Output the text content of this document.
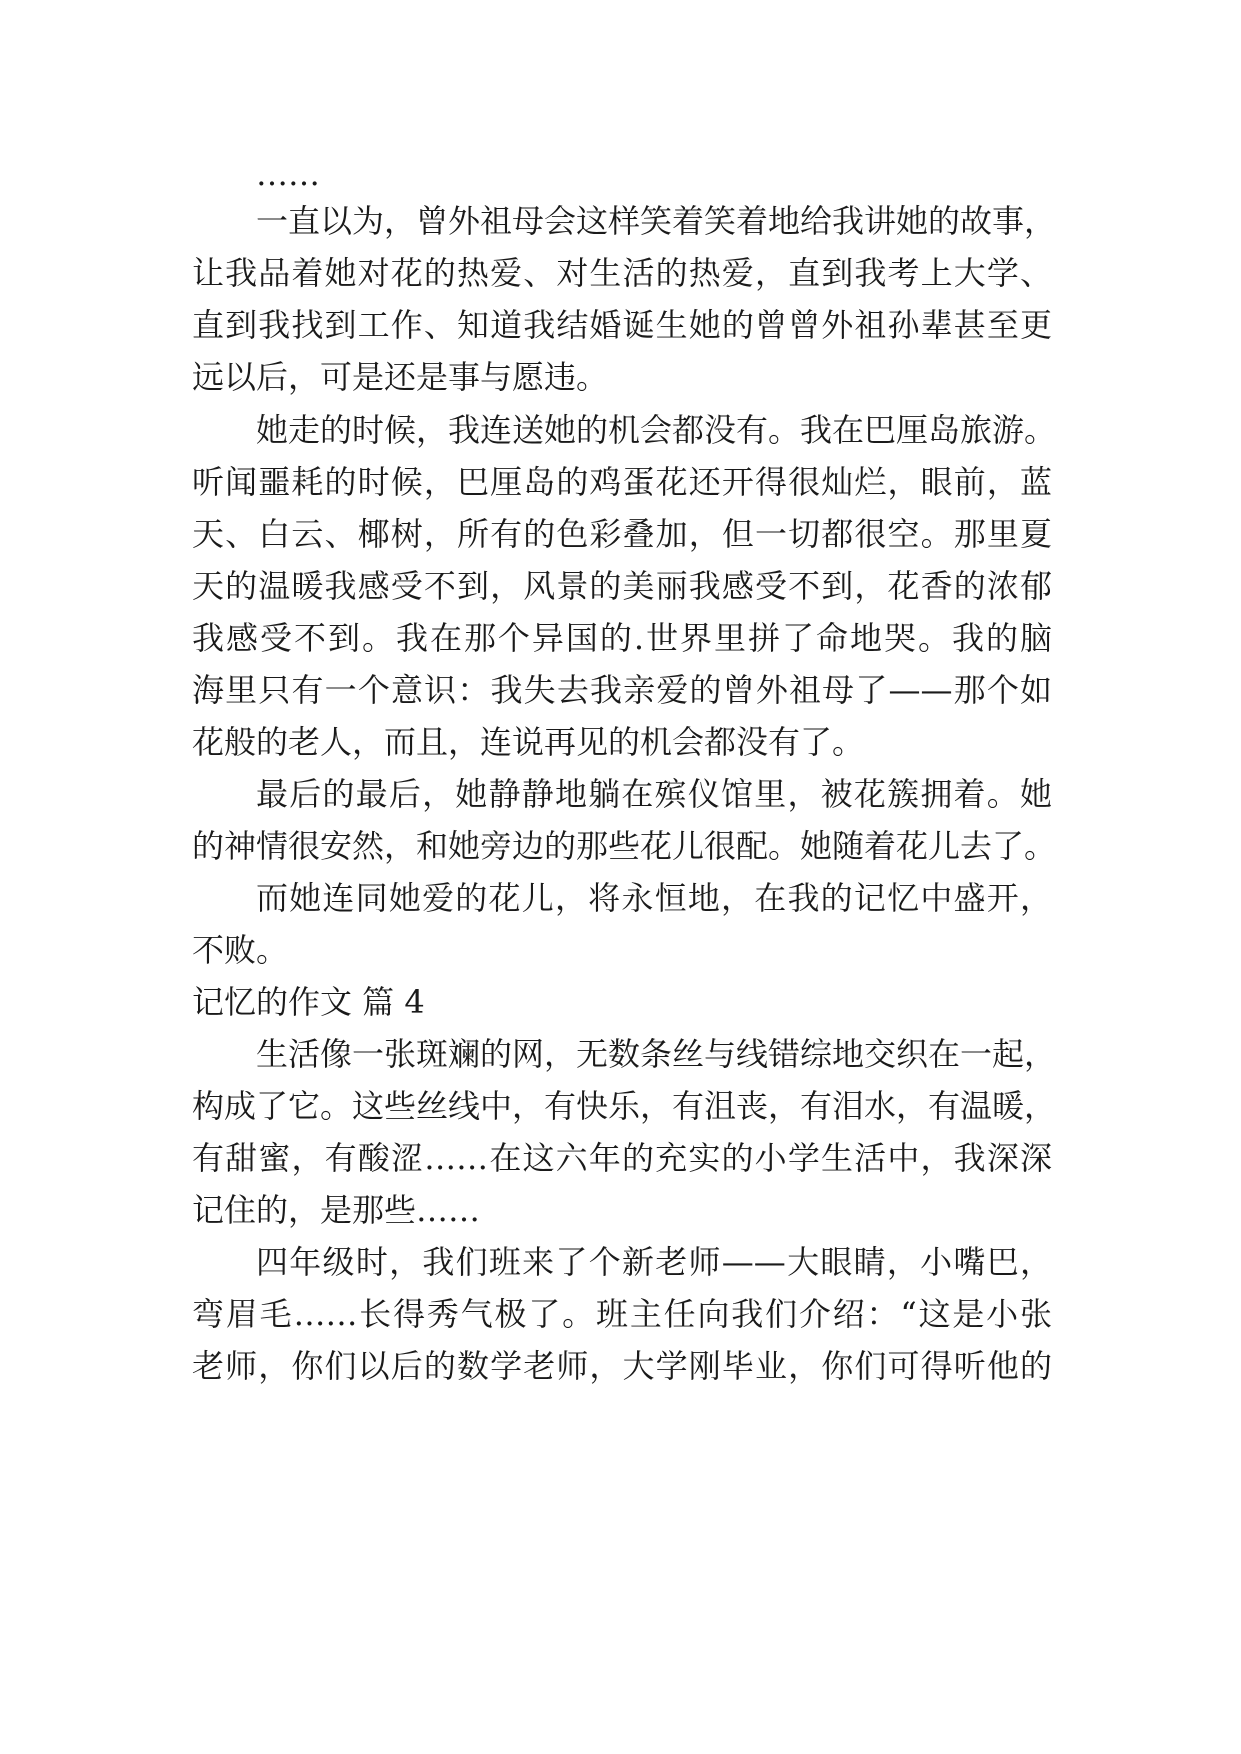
……
一直以为，曾外祖母会这样笑着笑着地给我讲她的故事，
让我品着她对花的热爱、对生活的热爱，直到我考上大学、
直到我找到工作、知道我结婚诞生她的曾曾外祖孙辈甚至更
远以后，可是还是事与愿违。
她走的时候，我连送她的机会都没有。我在巴厘岛旅游。
听闻噩耗的时候，巴厘岛的鸡蛋花还开得很灿烂，眼前，蓝
天、白云、椰树，所有的色彩叠加，但一切都很空。那里夏
天的温暖我感受不到，风景的美丽我感受不到，花香的浓郁
我感受不到。我在那个异国的.世界里拼了命地哭。我的脑
海里只有一个意识：我失去我亲爱的曾外祖母了——那个如
花般的老人，而且，连说再见的机会都没有了。
最后的最后，她静静地躺在殡仪馆里，被花簇拥着。她
的神情很安然，和她旁边的那些花儿很配。她随着花儿去了。
而她连同她爱的花儿，将永恒地，在我的记忆中盛开，
不败。
记忆的作文 篇 4
生活像一张斑斓的网，无数条丝与线错综地交织在一起，
构成了它。这些丝线中，有快乐，有沮丧，有泪水，有温暖，
有甜蜜，有酸涩……在这六年的充实的小学生活中，我深深
记住的，是那些……
四年级时，我们班来了个新老师——大眼睛，小嘴巴，
弯眉毛……长得秀气极了。班主任向我们介绍：“这是小张
老师，你们以后的数学老师，大学刚毕业，你们可得听他的
